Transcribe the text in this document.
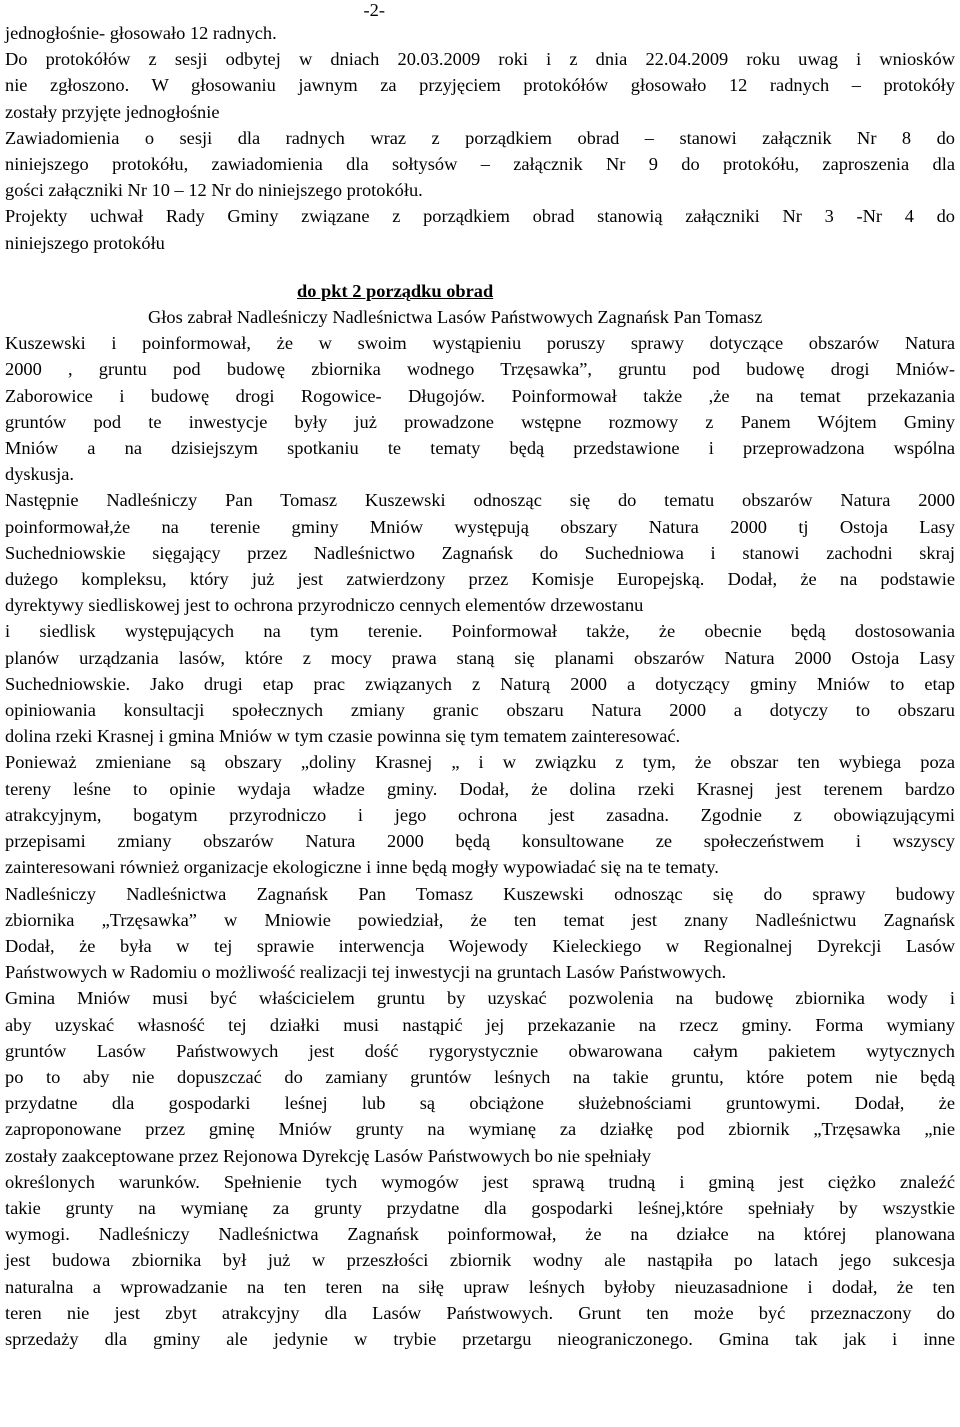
-2-

jednogłośnie- głosowało 12 radnych.
Do protokółów z sesji odbytej w dniach 20.03.2009 roki i z dnia 22.04.2009 roku uwag i wniosków
nie zgłoszono. W głosowaniu jawnym za przyjęciem protokółów głosowało 12 radnych – protokóły
zostały przyjęte jednogłośnie
Zawiadomienia o sesji dla radnych wraz z porządkiem obrad – stanowi załącznik Nr 8 do
niniejszego protokółu, zawiadomienia dla sołtysów – załącznik Nr 9 do protokółu, zaproszenia dla
gości załączniki Nr 10 – 12 Nr do niniejszego protokółu.
Projekty uchwał Rady Gminy związane z porządkiem obrad stanowią załączniki Nr 3 -Nr 4 do
niniejszego protokółu
do pkt 2 porządku obrad
Głos zabrał Nadleśniczy Nadleśnictwa Lasów Państwowych Zagnańsk Pan Tomasz
Kuszewski i poinformował, że w swoim wystąpieniu poruszy sprawy dotyczące obszarów Natura
2000 , gruntu pod budowę zbiornika wodnego Trzęsawka”, gruntu pod budowę drogi Mniów-
Zaborowice i budowę drogi Rogowice- Długojów. Poinformował także ,że na temat przekazania
gruntów pod te inwestycje były już prowadzone wstępne rozmowy z Panem Wójtem Gminy
Mniów a na dzisiejszym spotkaniu te tematy będą przedstawione i przeprowadzona wspólna
dyskusja.
Następnie Nadleśniczy Pan Tomasz Kuszewski odnosząc się do tematu obszarów Natura 2000
poinformował,że na terenie gminy Mniów występują obszary Natura 2000 tj Ostoja Lasy
Suchedniowskie sięgający przez Nadleśnictwo Zagnańsk do Suchedniowa i stanowi zachodni skraj
dużego kompleksu, który już jest zatwierdzony przez Komisje Europejską. Dodał, że na podstawie
dyrektywy siedliskowej jest to ochrona przyrodniczo cennych elementów drzewostanu
i siedlisk występujących na tym terenie. Poinformował także, że obecnie będą dostosowania
planów urządzania lasów, które z mocy prawa staną się planami obszarów Natura 2000 Ostoja Lasy
Suchedniowskie. Jako drugi etap prac związanych z Naturą 2000 a dotyczący gminy Mniów to etap
opiniowania konsultacji społecznych zmiany granic obszaru Natura 2000 a dotyczy to obszaru
dolina rzeki Krasnej i gmina Mniów w tym czasie powinna się tym tematem zainteresować.
Ponieważ zmieniane są obszary „doliny Krasnej „ i w związku z tym, że obszar ten wybiega poza
tereny leśne to opinie wydaja władze gminy. Dodał, że dolina rzeki Krasnej jest terenem bardzo
atrakcyjnym, bogatym przyrodniczo i jego ochrona jest zasadna. Zgodnie z obowiązującymi
przepisami zmiany obszarów Natura 2000 będą konsultowane ze społeczeństwem i wszyscy
zainteresowani również organizacje ekologiczne i inne będą mogły wypowiadać się na te tematy.
Nadleśniczy Nadleśnictwa Zagnańsk Pan Tomasz Kuszewski odnosząc się do sprawy budowy
zbiornika „Trzęsawka” w Mniowie powiedział, że ten temat jest znany Nadleśnictwu Zagnańsk
Dodał, że była w tej sprawie interwencja Wojewody Kieleckiego w Regionalnej Dyrekcji Lasów
Państwowych w Radomiu o możliwość realizacji tej inwestycji na gruntach Lasów Państwowych.
Gmina Mniów musi być właścicielem gruntu by uzyskać pozwolenia na budowę zbiornika wody i
aby uzyskać własność tej działki musi nastąpić jej przekazanie na rzecz gminy. Forma wymiany
gruntów Lasów Państwowych jest dość rygorystycznie obwarowana całym pakietem wytycznych
po to aby nie dopuszczać do zamiany gruntów leśnych na takie gruntu, które potem nie będą
przydatne dla gospodarki leśnej lub są obciążone służebnościami gruntowymi. Dodał, że
zaproponowane przez gminę Mniów grunty na wymianę za działkę pod zbiornik „Trzęsawka „nie
zostały zaakceptowane przez Rejonowa Dyrekcję Lasów Państwowych bo nie spełniały
określonych warunków. Spełnienie tych wymogów jest sprawą trudną i gminą jest ciężko znaleźć
takie grunty na wymianę za grunty przydatne dla gospodarki leśnej,które spełniały by wszystkie
wymogi. Nadleśniczy Nadleśnictwa Zagnańsk poinformował, że na działce na której planowana
jest budowa zbiornika był już w przeszłości zbiornik wodny ale nastąpiła po latach jego sukcesja
naturalna a wprowadzanie na ten teren na siłę upraw leśnych byłoby nieuzasadnione i dodał, że ten
teren nie jest zbyt atrakcyjny dla Lasów Państwowych. Grunt ten może być przeznaczony do
sprzedaży dla gminy ale jedynie w trybie przetargu nieograniczonego. Gmina tak jak i inne
